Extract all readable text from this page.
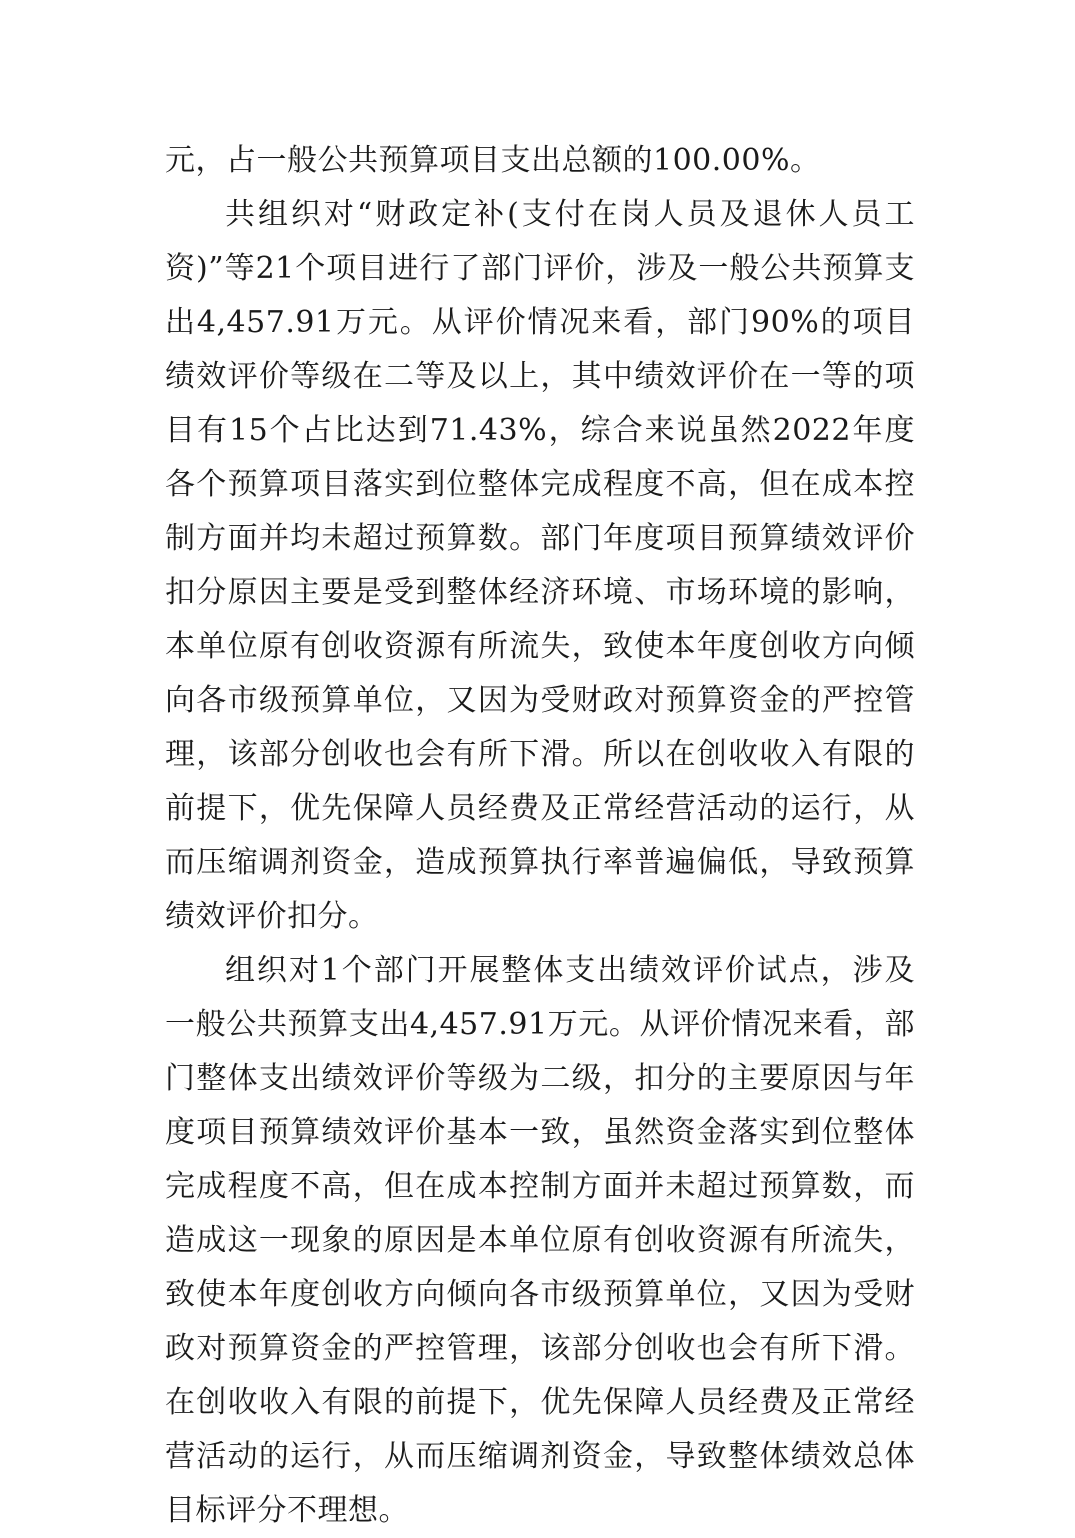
元，占一般公共预算项目支出总额的100.00%。

共组织对“财政定补(支付在岗人员及退休人员工资)”等21个项目进行了部门评价，涉及一般公共预算支出4,457.91万元。从评价情况来看，部门90%的项目绩效评价等级在二等及以上，其中绩效评价在一等的项目有15个占比达到71.43%，综合来说虽然2022年度各个预算项目落实到位整体完成程度不高，但在成本控制方面并均未超过预算数。部门年度项目预算绩效评价扣分原因主要是受到整体经济环境、市场环境的影响，本单位原有创收资源有所流失，致使本年度创收方向倾向各市级预算单位，又因为受财政对预算资金的严控管理，该部分创收也会有所下滑。所以在创收收入有限的前提下，优先保障人员经费及正常经营活动的运行，从而压缩调剂资金，造成预算执行率普遍偏低，导致预算绩效评价扣分。

组织对1个部门开展整体支出绩效评价试点，涉及一般公共预算支出4,457.91万元。从评价情况来看，部门整体支出绩效评价等级为二级，扣分的主要原因与年度项目预算绩效评价基本一致，虽然资金落实到位整体完成程度不高，但在成本控制方面并未超过预算数，而造成这一现象的原因是本单位原有创收资源有所流失，致使本年度创收方向倾向各市级预算单位，又因为受财政对预算资金的严控管理，该部分创收也会有所下滑。在创收收入有限的前提下，优先保障人员经费及正常经营活动的运行，从而压缩调剂资金，导致整体绩效总体目标评分不理想。
